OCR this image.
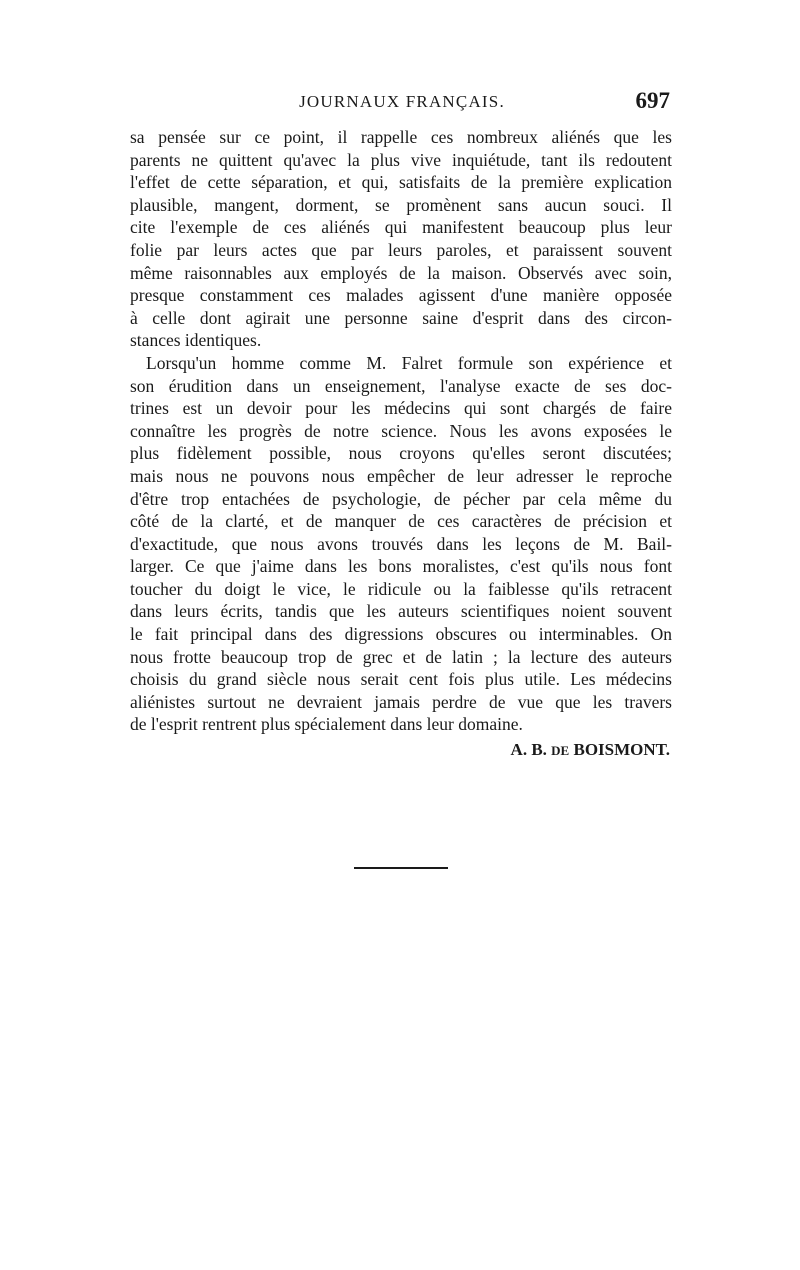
JOURNAUX FRANÇAIS.	697
sa pensée sur ce point, il rappelle ces nombreux aliénés que les
parents ne quittent qu'avec la plus vive inquiétude, tant ils redoutent
l'effet de cette séparation, et qui, satisfaits de la première explication
plausible, mangent, dorment, se promènent sans aucun souci. Il
cite l'exemple de ces aliénés qui manifestent beaucoup plus leur
folie par leurs actes que par leurs paroles, et paraissent souvent
même raisonnables aux employés de la maison. Observés avec soin,
presque constamment ces malades agissent d'une manière opposée
à celle dont agirait une personne saine d'esprit dans des circon-
stances identiques.
Lorsqu'un homme comme M. Falret formule son expérience et
son érudition dans un enseignement, l'analyse exacte de ses doc-
trines est un devoir pour les médecins qui sont chargés de faire
connaître les progrès de notre science. Nous les avons exposées le
plus fidèlement possible, nous croyons qu'elles seront discutées;
mais nous ne pouvons nous empêcher de leur adresser le reproche
d'être trop entachées de psychologie, de pécher par cela même du
côté de la clarté, et de manquer de ces caractères de précision et
d'exactitude, que nous avons trouvés dans les leçons de M. Bail-
larger. Ce que j'aime dans les bons moralistes, c'est qu'ils nous font
toucher du doigt le vice, le ridicule ou la faiblesse qu'ils retracent
dans leurs écrits, tandis que les auteurs scientifiques noient souvent
le fait principal dans des digressions obscures ou interminables. On
nous frotte beaucoup trop de grec et de latin ; la lecture des auteurs
choisis du grand siècle nous serait cent fois plus utile. Les médecins
aliénistes surtout ne devraient jamais perdre de vue que les travers
de l'esprit rentrent plus spécialement dans leur domaine.
A. B. DE BOISMONT.
